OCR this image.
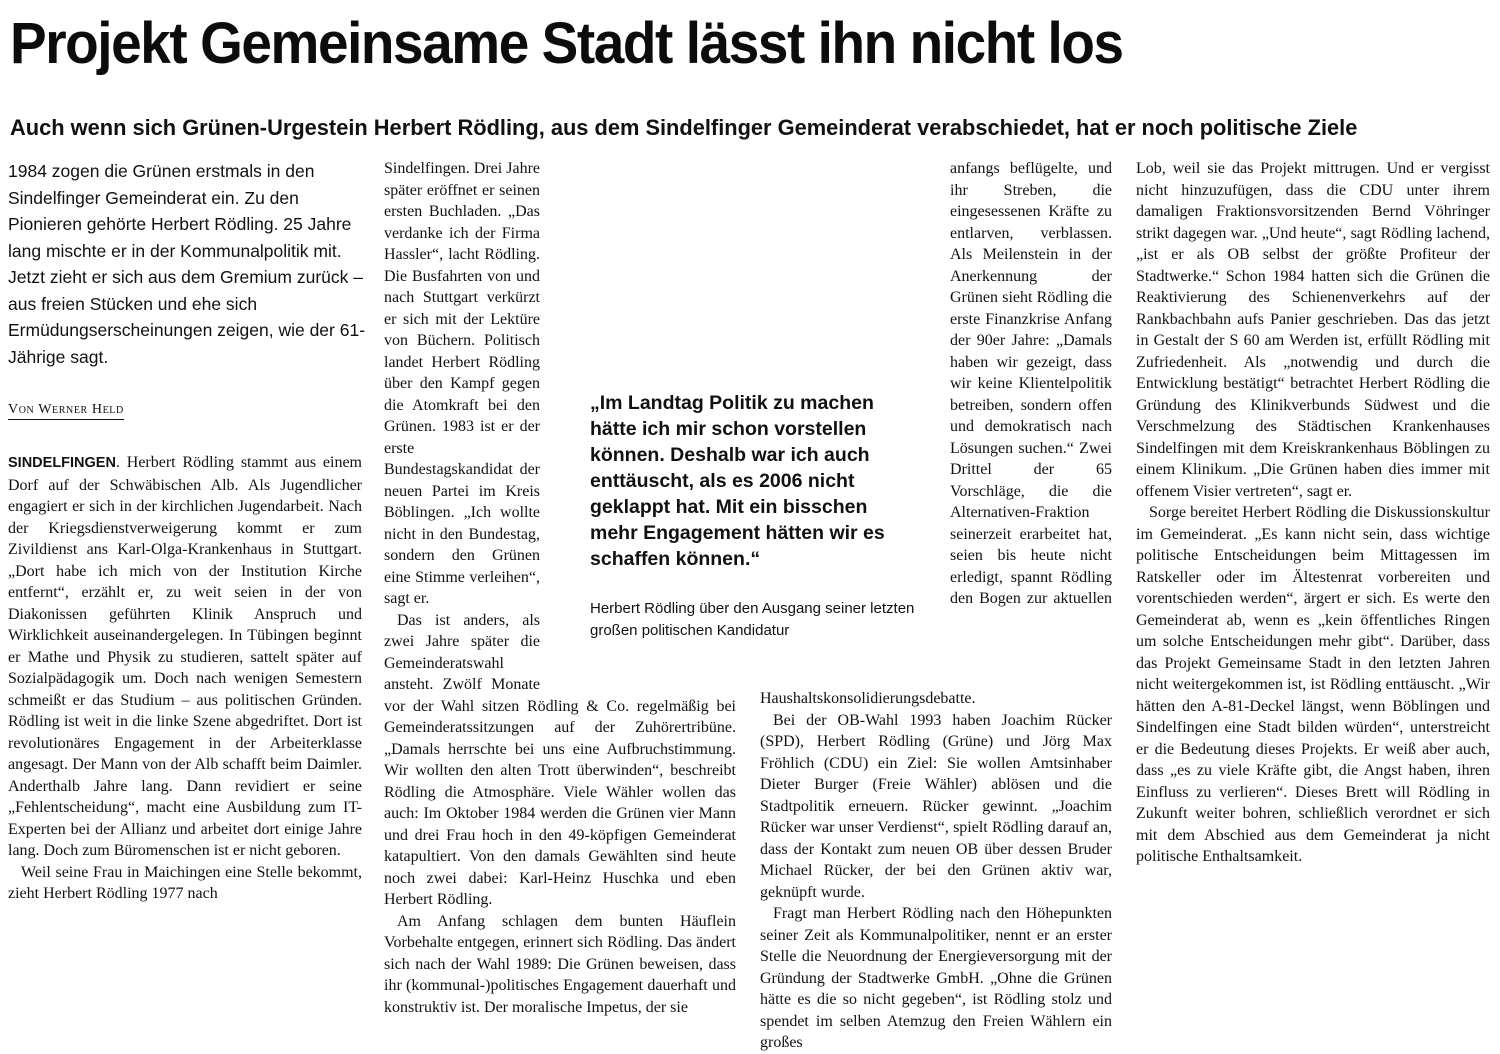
Projekt Gemeinsame Stadt lässt ihn nicht los
Auch wenn sich Grünen-Urgestein Herbert Rödling, aus dem Sindelfinger Gemeinderat verabschiedet, hat er noch politische Ziele

1984 zogen die Grünen erstmals in den Sindelfinger Gemeinderat ein. Zu den Pionieren gehörte Herbert Rödling. 25 Jahre lang mischte er in der Kommunalpolitik mit. Jetzt zieht er sich aus dem Gremium zurück – aus freien Stücken und ehe sich Ermüdungserscheinungen zeigen, wie der 61-Jährige sagt.

Von Werner Held

SINDELFINGEN. Herbert Rödling stammt aus einem Dorf auf der Schwäbischen Alb. Als Jugendlicher engagiert er sich in der kirchlichen Jugendarbeit. Nach der Kriegsdienstverweigerung kommt er zum Zivildienst ans Karl-Olga-Krankenhaus in Stuttgart. „Dort habe ich mich von der Institution Kirche entfernt“, erzählt er, zu weit seien in der von Diakonissen geführten Klinik Anspruch und Wirklichkeit auseinandergelegen. In Tübingen beginnt er Mathe und Physik zu studieren, sattelt später auf Sozialpädagogik um. Doch nach wenigen Semestern schmeißt er das Studium – aus politischen Gründen. Rödling ist weit in die linke Szene abgedriftet. Dort ist revolutionäres Engagement in der Arbeiterklasse angesagt. Der Mann von der Alb schafft beim Daimler. Anderthalb Jahre lang. Dann revidiert er seine „Fehlentscheidung“, macht eine Ausbildung zum IT-Experten bei der Allianz und arbeitet dort einige Jahre lang. Doch zum Büromenschen ist er nicht geboren.

Weil seine Frau in Maichingen eine Stelle bekommt, zieht Herbert Rödling 1977 nach

Lob, weil sie das Projekt mittrugen. Und er vergisst nicht hinzuzufügen, dass die CDU unter ihrem damaligen Fraktionsvorsitzenden Bernd Vöhringer strikt dagegen war. „Und heute“, sagt Rödling lachend, „ist er als OB selbst der größte Profiteur der Stadtwerke.“ Schon 1984 hatten sich die Grünen die Reaktivierung des Schienenverkehrs auf der Rankbachbahn aufs Panier geschrieben. Das das jetzt in Gestalt der S 60 am Werden ist, erfüllt Rödling mit Zufriedenheit. Als „notwendig und durch die Entwicklung bestätigt“ betrachtet Herbert Rödling die Gründung des Klinikverbunds Südwest und die Verschmelzung des Städtischen Krankenhauses Sindelfingen mit dem Kreiskrankenhaus Böblingen zu einem Klinikum. „Die Grünen haben dies immer mit offenem Visier vertreten“, sagt er.

Sorge bereitet Herbert Rödling die Diskussionskultur im Gemeinderat. „Es kann nicht sein, dass wichtige politische Entscheidungen beim Mittagessen im Ratskeller oder im Ältestenrat vorbereiten und vorentschieden werden“, ärgert er sich. Es werte den Gemeinderat ab, wenn es „kein öffentliches Ringen um solche Entscheidungen mehr gibt“. Darüber, dass das Projekt Gemeinsame Stadt in den letzten Jahren nicht weitergekommen ist, ist Rödling enttäuscht. „Wir hätten den A-81-Deckel längst, wenn Böblingen und Sindelfingen eine Stadt bilden würden“, unterstreicht er die Bedeutung dieses Projekts. Er weiß aber auch, dass „es zu viele Kräfte gibt, die Angst haben, ihren Einfluss zu verlieren“. Dieses Brett will Rödling in Zukunft weiter bohren, schließlich verordnet er sich mit dem Abschied aus dem Gemeinderat ja nicht politische Enthaltsamkeit.

„Im Landtag Politik zu machen hätte ich mir schon vorstellen können. Deshalb war ich auch enttäuscht, als es 2006 nicht geklappt hat. Mit ein bisschen mehr Engagement hätten wir es schaffen können.“

Herbert Rödling über den Ausgang seiner letzten großen politischen Kandidatur

Sindelfingen. Drei Jahre später eröffnet er seinen ersten Buchladen. „Das verdanke ich der Firma Hassler“, lacht Rödling. Die Busfahrten von und nach Stuttgart verkürzt er sich mit der Lektüre von Büchern. Politisch landet Herbert Rödling über den Kampf gegen die Atomkraft bei den Grünen. 1983 ist er der erste Bundestagskandidat der neuen Partei im Kreis Böblingen. „Ich wollte nicht in den Bundestag, sondern den Grünen eine Stimme verleihen“, sagt er.

Das ist anders, als zwei Jahre später die Gemeinderatswahl ansteht. Zwölf Monate vor der Wahl sitzen Rödling & Co. regelmäßig bei Gemeinderatssitzungen auf der Zuhörertribüne. „Damals herrschte bei uns eine Aufbruchstimmung. Wir wollten den alten Trott überwinden“, beschreibt Rödling die Atmosphäre. Viele Wähler wollen das auch: Im Oktober 1984 werden die Grünen vier Mann und drei Frau hoch in den 49-köpfigen Gemeinderat katapultiert. Von den damals Gewählten sind heute noch zwei dabei: Karl-Heinz Huschka und eben Herbert Rödling.

Am Anfang schlagen dem bunten Häuflein Vorbehalte entgegen, erinnert sich Rödling. Das ändert sich nach der Wahl 1989: Die Grünen beweisen, dass ihr (kommunal-)politisches Engagement dauerhaft und konstruktiv ist. Der moralische Impetus, der sie

anfangs beflügelte, und ihr Streben, die eingesessenen Kräfte zu entlarven, verblassen. Als Meilenstein in der Anerkennung der Grünen sieht Rödling die erste Finanzkrise Anfang der 90er Jahre: „Damals haben wir gezeigt, dass wir keine Klientelpolitik betreiben, sondern offen und demokratisch nach Lösungen suchen.“ Zwei Drittel der 65 Vorschläge, die die Alternativen-Fraktion seinerzeit erarbeitet hat, seien bis heute nicht erledigt, spannt Rödling den Bogen zur aktuellen Haushaltskonsolidierungsdebatte.

Bei der OB-Wahl 1993 haben Joachim Rücker (SPD), Herbert Rödling (Grüne) und Jörg Max Fröhlich (CDU) ein Ziel: Sie wollen Amtsinhaber Dieter Burger (Freie Wähler) ablösen und die Stadtpolitik erneuern. Rücker gewinnt. „Joachim Rücker war unser Verdienst“, spielt Rödling darauf an, dass der Kontakt zum neuen OB über dessen Bruder Michael Rücker, der bei den Grünen aktiv war, geknüpft wurde.

Fragt man Herbert Rödling nach den Höhepunkten seiner Zeit als Kommunalpolitiker, nennt er an erster Stelle die Neuordnung der Energieversorgung mit der Gründung der Stadtwerke GmbH. „Ohne die Grünen hätte es die so nicht gegeben“, ist Rödling stolz und spendet im selben Atemzug den Freien Wählern ein großes
